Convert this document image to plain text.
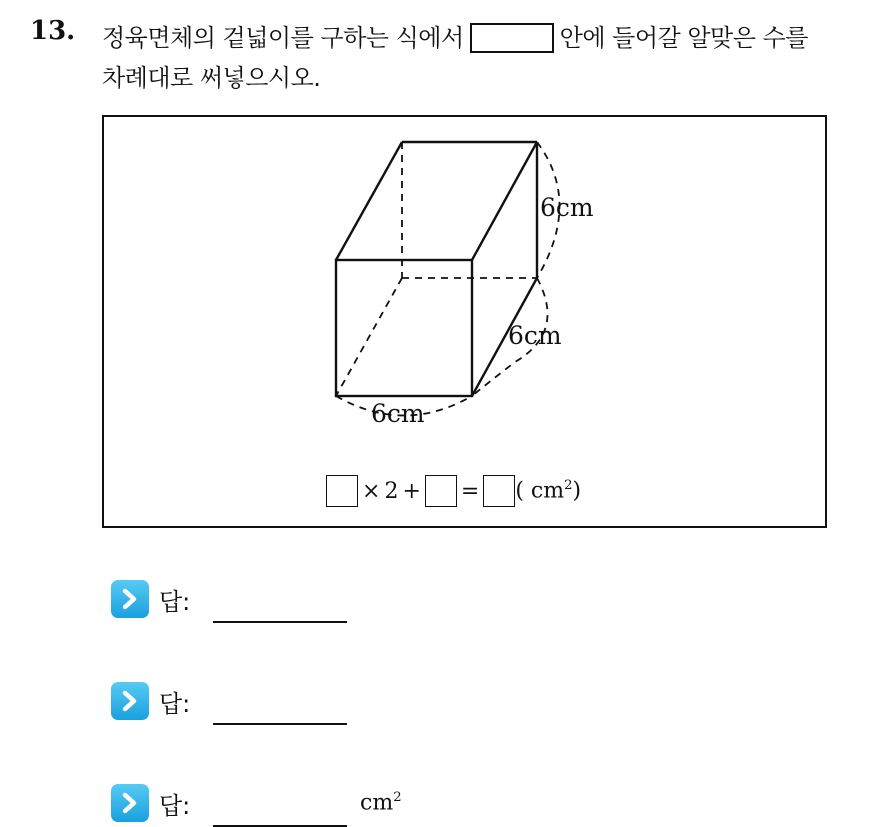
13. 정육면체의 겉넓이를 구하는 식에서	안에 들어갈 알맞은 수를
차례대로 써넣으시오.
6cm
6cm
6cm
× 2 + = ( $cm^2$)
답:
답:
답:	$cm^2$
